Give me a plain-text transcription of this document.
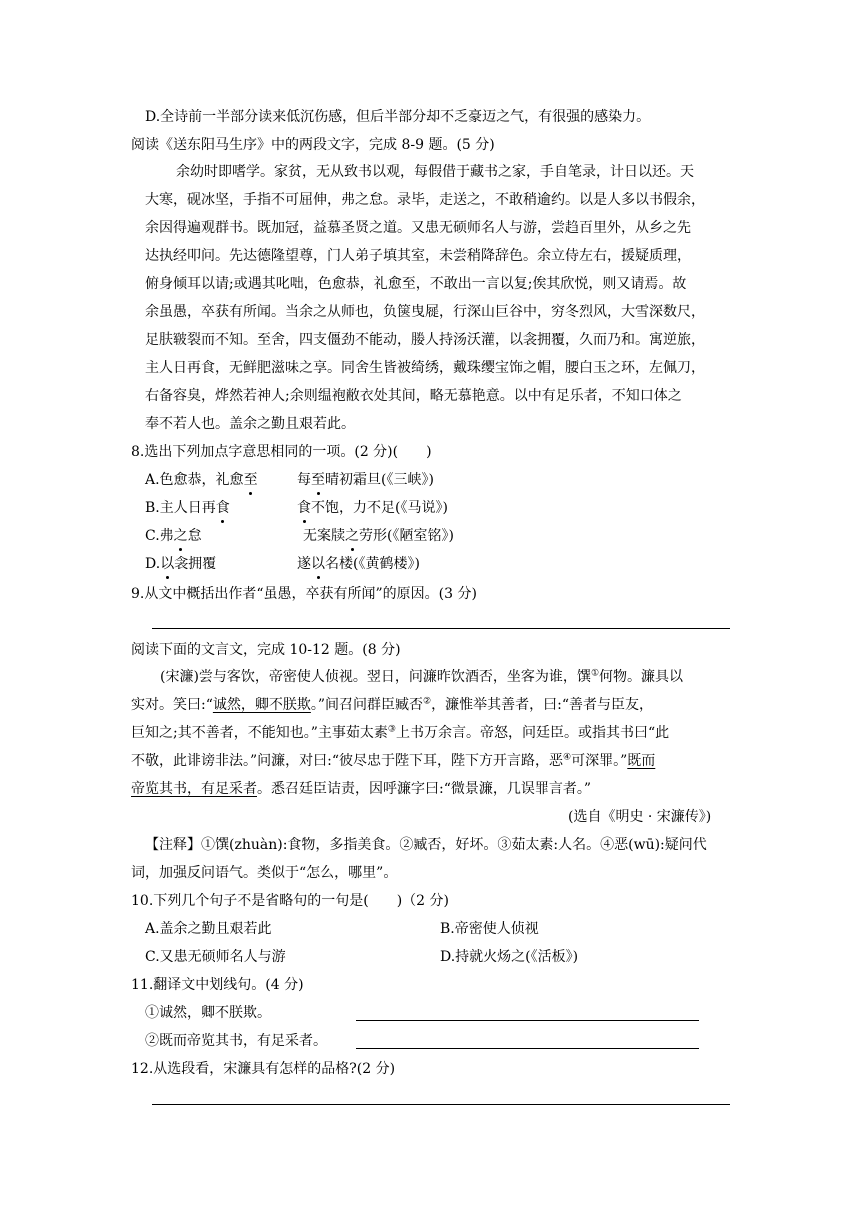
D.全诗前一半部分读来低沉伤感，但后半部分却不乏豪迈之气，有很强的感染力。
阅读《送东阳马生序》中的两段文字，完成 8-9 题。(5 分)
余幼时即嗜学。家贫，无从致书以观，每假借于藏书之家，手自笔录，计日以还。天
大寒，砚冰坚，手指不可屈伸，弗之怠。录毕，走送之，不敢稍逾约。以是人多以书假余，
余因得遍观群书。既加冠，益慕圣贤之道。又患无硕师名人与游，尝趋百里外，从乡之先
达执经叩问。先达德隆望尊，门人弟子填其室，未尝稍降辞色。余立侍左右，援疑质理，
俯身倾耳以请;或遇其叱咄，色愈恭，礼愈至，不敢出一言以复;俟其欣悦，则又请焉。故
余虽愚，卒获有所闻。当余之从师也，负箧曳屣，行深山巨谷中，穷冬烈风，大雪深数尺，
足肤皲裂而不知。至舍，四支僵劲不能动，媵人持汤沃灌，以衾拥覆，久而乃和。寓逆旅，
主人日再食，无鲜肥滋味之享。同舍生皆被绮绣，戴珠缨宝饰之帽，腰白玉之环，左佩刀，
右备容臭，烨然若神人;余则缊袍敝衣处其间，略无慕艳意。以中有足乐者，不知口体之
奉不若人也。盖余之勤且艰若此。
8.选出下列加点字意思相同的一项。(2 分)(　　)
A.色愈恭，礼愈至	每至晴初霜旦(《三峡》)
B.主人日再食	食不饱，力不足(《马说》)
C.弗之怠	无案牍之劳形(《陋室铭》)
D.以衾拥覆	遂以名楼(《黄鹤楼》)
9.从文中概括出作者“虽愚，卒获有所闻”的原因。(3 分)
阅读下面的文言文，完成 10-12 题。(8 分)
(宋濂)尝与客饮，帝密使人侦视。翌日，问濂昨饮酒否，坐客为谁，馔①何物。濂具以
实对。笑曰:“诚然，卿不朕欺。”间召问群臣臧否②，濂惟举其善者，曰:“善者与臣友，
巨知之;其不善者，不能知也。”主事茹太素③上书万余言。帝怒，问廷臣。或指其书曰“此
不敬，此诽谤非法。”问濂，对曰:“彼尽忠于陛下耳，陛下方开言路，恶④可深罪。”既而
帝览其书，有足采者。悉召廷臣诘责，因呼濂字曰:“微景濂，几误罪言者。”
(选自《明史 · 宋濂传》)
【注释】①馔(zhuàn):食物，多指美食。②臧否，好坏。③茹太素:人名。④恶(wū):疑问代
词，加强反问语气。类似于“怎么，哪里”。
10.下列几个句子不是省略句的一句是(　　)（2 分)
A.盖余之勤且艰若此	B.帝密使人侦视
C.又患无硕师名人与游	D.持就火炀之(《活板》)
11.翻译文中划线句。(4 分)
①诚然，卿不朕欺。
②既而帝览其书，有足采者。
12.从选段看，宋濂具有怎样的品格?(2 分)
